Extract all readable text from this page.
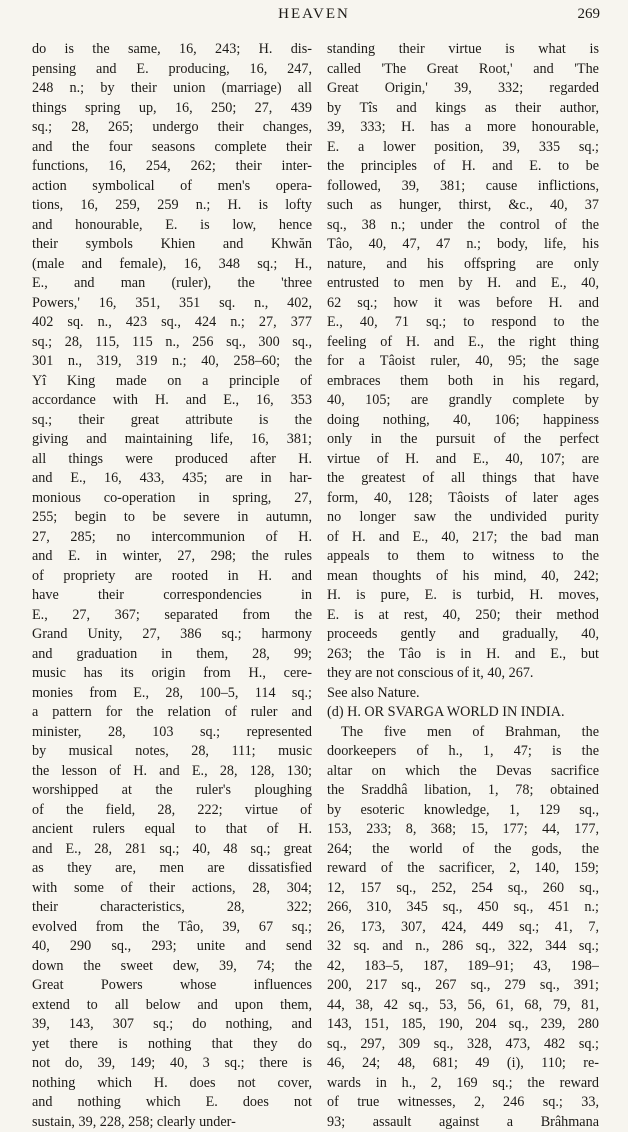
HEAVEN	269
do is the same, 16, 243; H. dis-
pensing and E. producing, 16, 247,
248 n.; by their union (marriage) all
things spring up, 16, 250; 27, 439
sq.; 28, 265; undergo their changes,
and the four seasons complete their
functions, 16, 254, 262; their inter-
action symbolical of men's opera-
tions, 16, 259, 259 n.; H. is lofty
and honourable, E. is low, hence
their symbols Khien and Khwăn
(male and female), 16, 348 sq.; H.,
E., and man (ruler), the 'three
Powers,' 16, 351, 351 sq. n., 402,
402 sq. n., 423 sq., 424 n.; 27, 377
sq.; 28, 115, 115 n., 256 sq., 300 sq.,
301 n., 319, 319 n.; 40, 258–60; the
Yî King made on a principle of
accordance with H. and E., 16, 353
sq.; their great attribute is the
giving and maintaining life, 16, 381;
all things were produced after H.
and E., 16, 433, 435; are in har-
monious co-operation in spring, 27,
255; begin to be severe in autumn,
27, 285; no intercommunion of H.
and E. in winter, 27, 298; the rules
of propriety are rooted in H. and
have their correspondencies in
E., 27, 367; separated from the
Grand Unity, 27, 386 sq.; harmony
and graduation in them, 28, 99;
music has its origin from H., cere-
monies from E., 28, 100–5, 114 sq.;
a pattern for the relation of ruler and
minister, 28, 103 sq.; represented
by musical notes, 28, 111; music
the lesson of H. and E., 28, 128, 130;
worshipped at the ruler's ploughing
of the field, 28, 222; virtue of
ancient rulers equal to that of H.
and E., 28, 281 sq.; 40, 48 sq.; great
as they are, men are dissatisfied
with some of their actions, 28, 304;
their characteristics, 28, 322;
evolved from the Tâo, 39, 67 sq.;
40, 290 sq., 293; unite and send
down the sweet dew, 39, 74; the
Great Powers whose influences
extend to all below and upon them,
39, 143, 307 sq.; do nothing, and
yet there is nothing that they do
not do, 39, 149; 40, 3 sq.; there is
nothing which H. does not cover,
and nothing which E. does not
sustain, 39, 228, 258; clearly under-
standing their virtue is what is
called 'The Great Root,' and 'The
Great Origin,' 39, 332; regarded
by Tîs and kings as their author,
39, 333; H. has a more honourable,
E. a lower position, 39, 335 sq.;
the principles of H. and E. to be
followed, 39, 381; cause inflictions,
such as hunger, thirst, &c., 40, 37
sq., 38 n.; under the control of the
Tâo, 40, 47, 47 n.; body, life, his
nature, and his offspring are only
entrusted to men by H. and E., 40,
62 sq.; how it was before H. and
E., 40, 71 sq.; to respond to the
feeling of H. and E., the right thing
for a Tâoist ruler, 40, 95; the sage
embraces them both in his regard,
40, 105; are grandly complete by
doing nothing, 40, 106; happiness
only in the pursuit of the perfect
virtue of H. and E., 40, 107; are
the greatest of all things that have
form, 40, 128; Tâoists of later ages
no longer saw the undivided purity
of H. and E., 40, 217; the bad man
appeals to them to witness to the
mean thoughts of his mind, 40, 242;
H. is pure, E. is turbid, H. moves,
E. is at rest, 40, 250; their method
proceeds gently and gradually, 40,
263; the Tâo is in H. and E., but
they are not conscious of it, 40, 267.
See also Nature.
(d) H. OR SVARGA WORLD IN INDIA.
The five men of Brahman, the
doorkeepers of h., 1, 47; is the
altar on which the Devas sacrifice
the Sraddhâ libation, 1, 78; obtained
by esoteric knowledge, 1, 129 sq.,
153, 233; 8, 368; 15, 177; 44, 177,
264; the world of the gods, the
reward of the sacrificer, 2, 140, 159;
12, 157 sq., 252, 254 sq., 260 sq.,
266, 310, 345 sq., 450 sq., 451 n.;
26, 173, 307, 424, 449 sq.; 41, 7,
32 sq. and n., 286 sq., 322, 344 sq.;
42, 183–5, 187, 189–91; 43, 198–
200, 217 sq., 267 sq., 279 sq., 391;
44, 38, 42 sq., 53, 56, 61, 68, 79, 81,
143, 151, 185, 190, 204 sq., 239, 280
sq., 297, 309 sq., 328, 473, 482 sq.;
46, 24; 48, 681; 49 (i), 110; re-
wards in h., 2, 169 sq.; the reward
of true witnesses, 2, 246 sq.; 33,
93; assault against a Brâhmana
